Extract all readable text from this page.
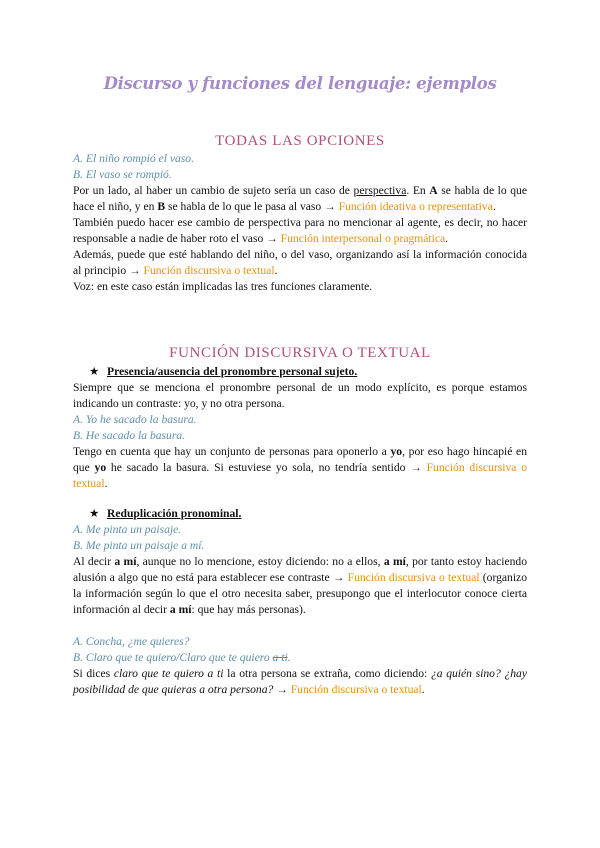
Discurso y funciones del lenguaje: ejemplos
TODAS LAS OPCIONES

A. El niño rompió el vaso.

B. El vaso se rompió.

Por un lado, al haber un cambio de sujeto sería un caso de perspectiva. En A se habla de lo que hace el niño, y en B se habla de lo que le pasa al vaso → Función ideativa o representativa.

También puedo hacer ese cambio de perspectiva para no mencionar al agente, es decir, no hacer responsable a nadie de haber roto el vaso → Función interpersonal o pragmática.

Además, puede que esté hablando del niño, o del vaso, organizando así la información conocida al principio → Función discursiva o textual.

Voz: en este caso están implicadas las tres funciones claramente.

FUNCIÓN DISCURSIVA O TEXTUAL
★ Presencia/ausencia del pronombre personal sujeto.

Siempre que se menciona el pronombre personal de un modo explícito, es porque estamos indicando un contraste: yo, y no otra persona.

A. Yo he sacado la basura.

B. He sacado la basura.

Tengo en cuenta que hay un conjunto de personas para oponerlo a yo, por eso hago hincapié en que yo he sacado la basura. Si estuviese yo sola, no tendría sentido → Función discursiva o textual.

★ Reduplicación pronominal.

A. Me pinta un paisaje.

B. Me pinta un paisaje a mí.

Al decir a mí, aunque no lo mencione, estoy diciendo: no a ellos, a mí, por tanto estoy haciendo alusión a algo que no está para establecer ese contraste → Función discursiva o textual (organizo la información según lo que el otro necesita saber, presupongo que el interlocutor conoce cierta información al decir a mí: que hay más personas).

A. Concha, ¿me quieres?

B. Claro que te quiero/Claro que te quiero a ti.

Si dices claro que te quiero a ti la otra persona se extraña, como diciendo: ¿a quién sino? ¿hay posibilidad de que quieras a otra persona? → Función discursiva o textual.
